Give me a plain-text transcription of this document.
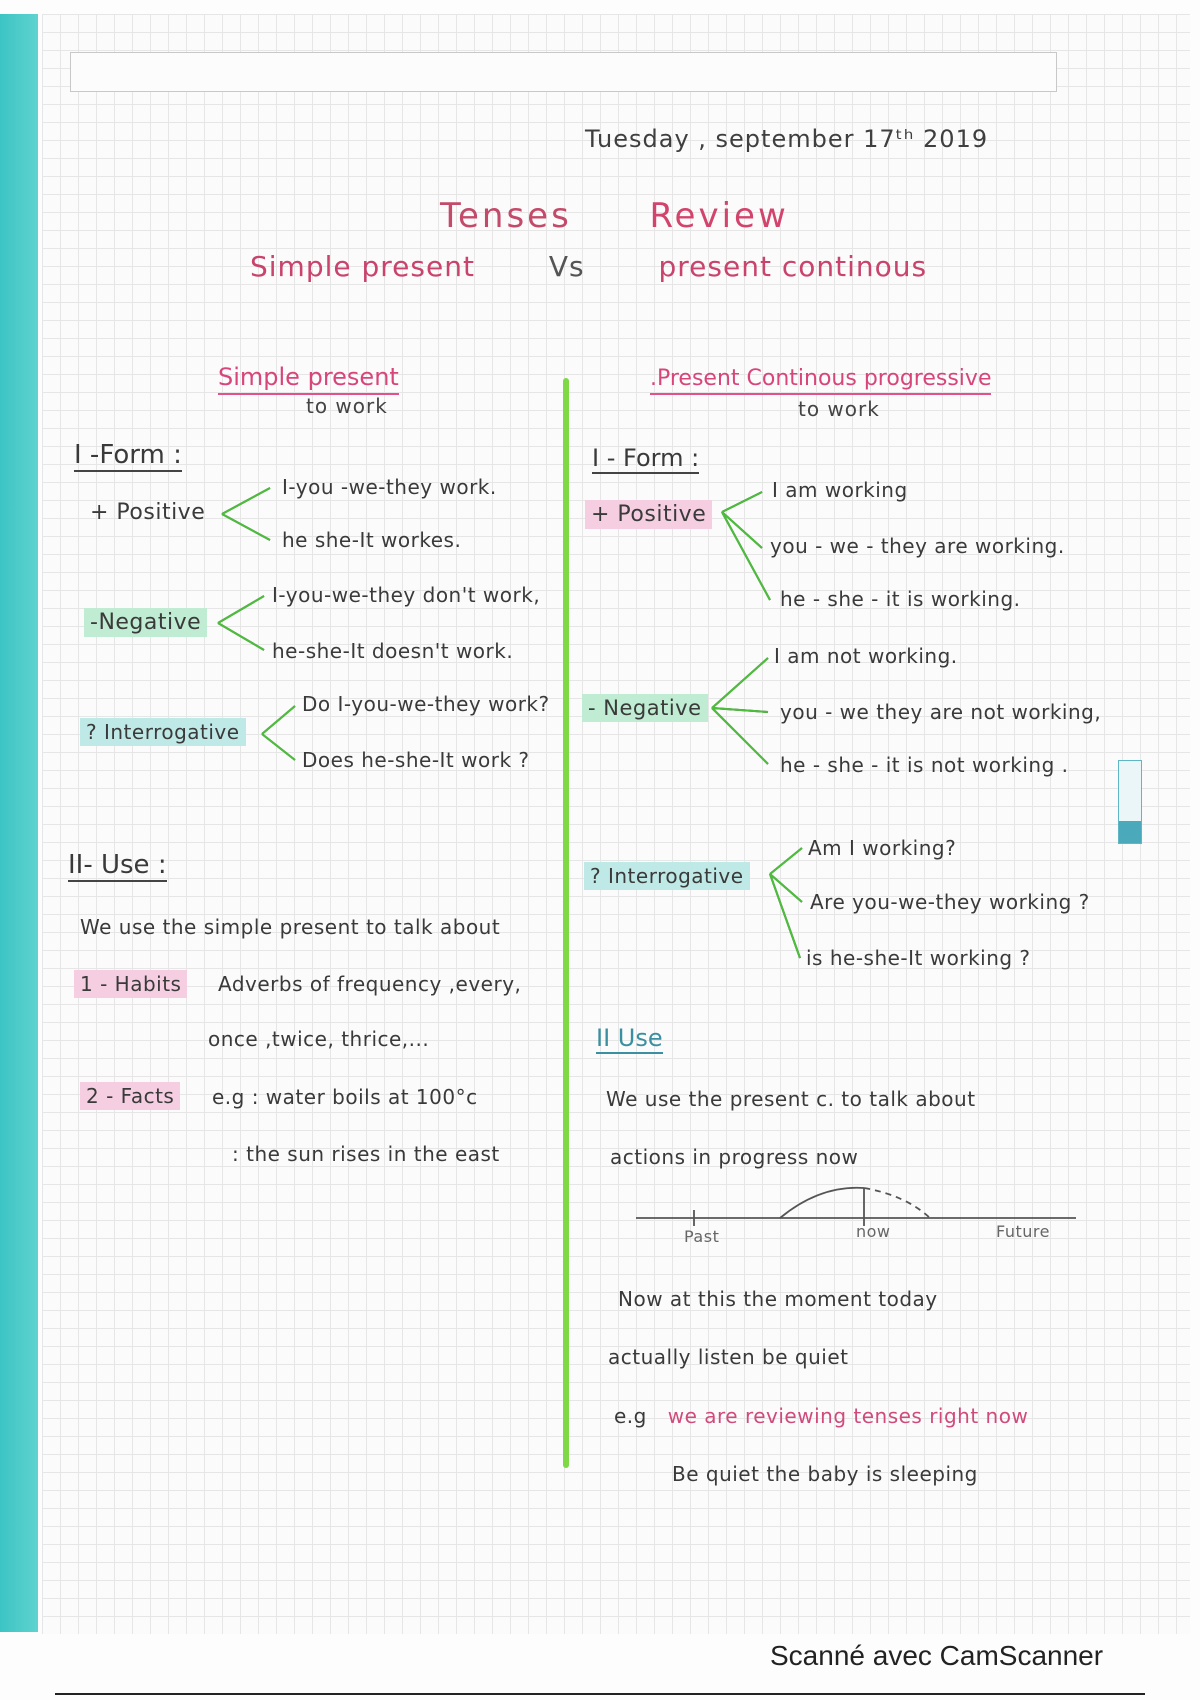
Tuesday , september 17ᵗʰ 2019
Tenses Review
Simple present	Vs	present continous
Simple present
to work
I -Form :
+ Positive
I-you -we-they work.
he she-It workes.
-Negative
I-you-we-they don't work,
he-she-It doesn't work.
? Interrogative
Do I-you-we-they work?
Does he-she-It work ?
II- Use :
We use the simple present to talk about
1 - Habits	Adverbs of frequency ,every,
once ,twice, thrice,...
2 - Facts	e.g : water boils at 100°c
: the sun rises in the east
.Present Continous progressive
to work
I - Form :
+ Positive
I am working
you - we - they are working.
he - she - it is working.
- Negative
I am not working.
you - we they are not working,
he - she - it is not working .
? Interrogative
Am I working?
Are you-we-they working ?
is he-she-It working ?
II Use
We use the present c. to talk about
actions in progress now
Past	now	Future
Now at this the moment today
actually listen be quiet
e.g we are reviewing tenses right now
Be quiet the baby is sleeping
Scanné avec CamScanner
